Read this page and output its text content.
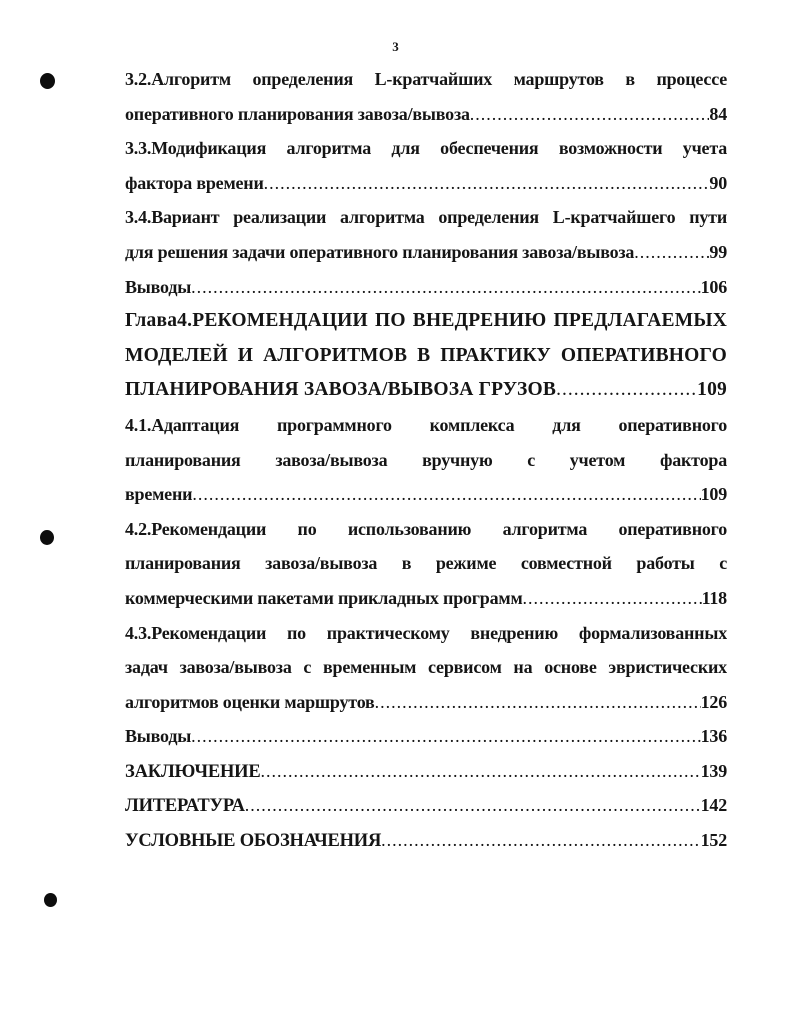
3
3.2.Алгоритм определения L-кратчайших маршрутов в процессе
оперативного планирования завоза/вывоза .....	84
3.3.Модификация алгоритма для обеспечения возможности учета
фактора времени .....	90
3.4.Вариант реализации алгоритма определения L-кратчайшего пути
для решения задачи оперативного планирования завоза/вывоза .....	99
Выводы .....	106
Глава4.РЕКОМЕНДАЦИИ ПО ВНЕДРЕНИЮ ПРЕДЛАГАЕМЫХ
МОДЕЛЕЙ И АЛГОРИТМОВ В ПРАКТИКУ ОПЕРАТИВНОГО
ПЛАНИРОВАНИЯ ЗАВОЗА/ВЫВОЗА ГРУЗОВ .....	109
4.1.Адаптация программного комплекса для оперативного
планирования завоза/вывоза вручную с учетом фактора
времени .....	109
4.2.Рекомендации по использованию алгоритма оперативного
планирования завоза/вывоза в режиме совместной работы с
коммерческими пакетами прикладных программ .....	118
4.3.Рекомендации по практическому внедрению формализованных
задач завоза/вывоза с временным сервисом на основе эвристических
алгоритмов оценки маршрутов .....	126
Выводы .....	136
ЗАКЛЮЧЕНИЕ .....	139
ЛИТЕРАТУРА .....	142
УСЛОВНЫЕ ОБОЗНАЧЕНИЯ .....	152
